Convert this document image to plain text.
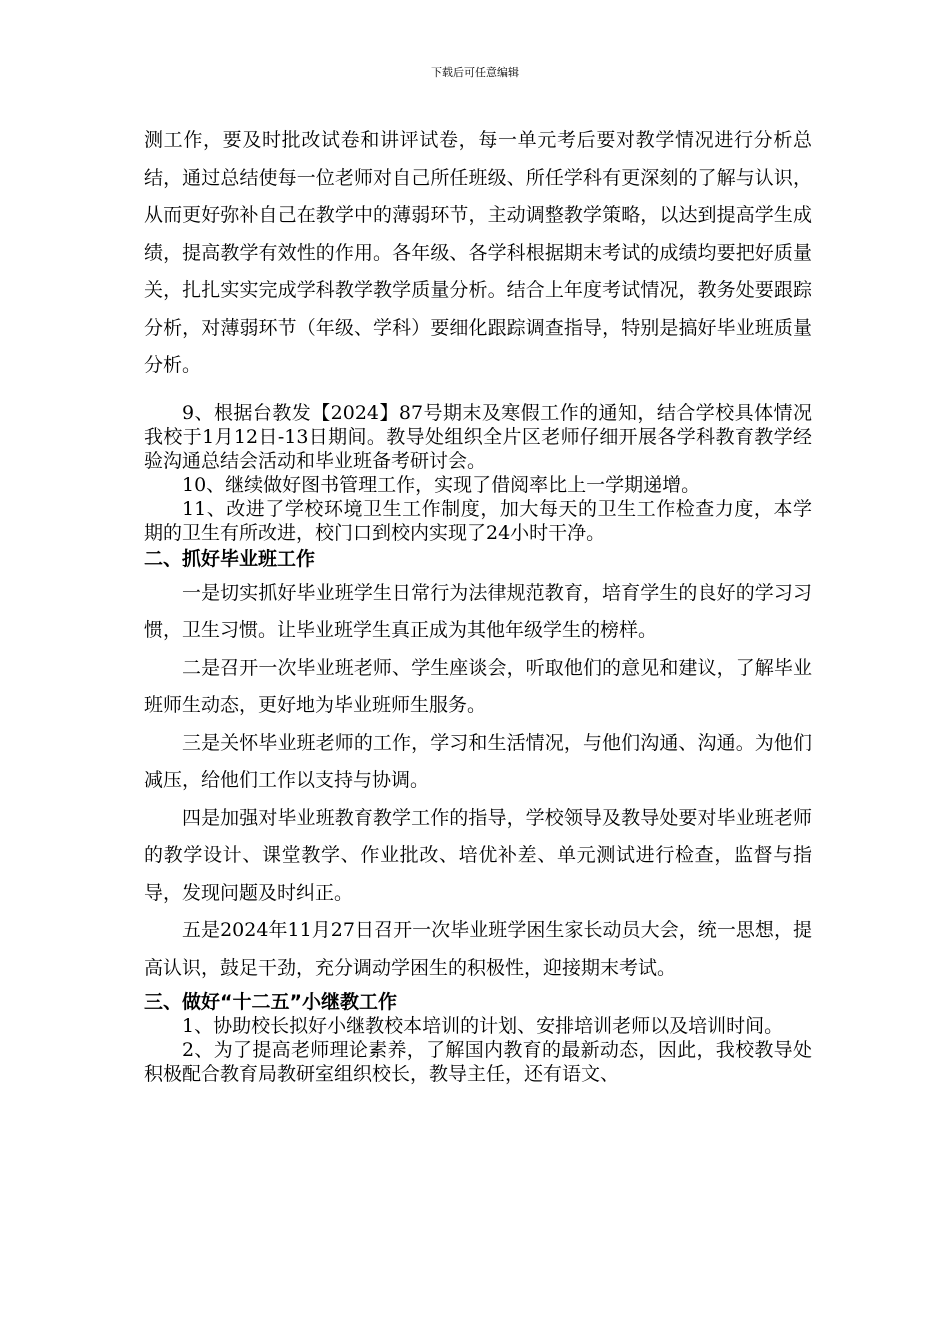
下载后可任意编辑

测工作，要及时批改试卷和讲评试卷，每一单元考后要对教学情况进行分析总结，通过总结使每一位老师对自己所任班级、所任学科有更深刻的了解与认识，从而更好弥补自己在教学中的薄弱环节，主动调整教学策略，以达到提高学生成绩，提高教学有效性的作用。各年级、各学科根据期末考试的成绩均要把好质量关，扎扎实实完成学科教学教学质量分析。结合上年度考试情况，教务处要跟踪分析，对薄弱环节（年级、学科）要细化跟踪调查指导，特别是搞好毕业班质量分析。

9、根据台教发【2024】87号期末及寒假工作的通知，结合学校具体情况我校于1月12日-13日期间。教导处组织全片区老师仔细开展各学科教育教学经验沟通总结会活动和毕业班备考研讨会。

10、继续做好图书管理工作，实现了借阅率比上一学期递增。

11、改进了学校环境卫生工作制度，加大每天的卫生工作检查力度，本学期的卫生有所改进，校门口到校内实现了24小时干净。

二、抓好毕业班工作

一是切实抓好毕业班学生日常行为法律规范教育，培育学生的良好的学习习惯，卫生习惯。让毕业班学生真正成为其他年级学生的榜样。

二是召开一次毕业班老师、学生座谈会，听取他们的意见和建议，了解毕业班师生动态，更好地为毕业班师生服务。

三是关怀毕业班老师的工作，学习和生活情况，与他们沟通、沟通。为他们减压，给他们工作以支持与协调。

四是加强对毕业班教育教学工作的指导，学校领导及教导处要对毕业班老师的教学设计、课堂教学、作业批改、培优补差、单元测试进行检查，监督与指导，发现问题及时纠正。

五是2024年11月27日召开一次毕业班学困生家长动员大会，统一思想，提高认识，鼓足干劲，充分调动学困生的积极性，迎接期末考试。

三、做好“十二五”小继教工作

1、协助校长拟好小继教校本培训的计划、安排培训老师以及培训时间。

2、为了提高老师理论素养，了解国内教育的最新动态，因此，我校教导处积极配合教育局教研室组织校长，教导主任，还有语文、
